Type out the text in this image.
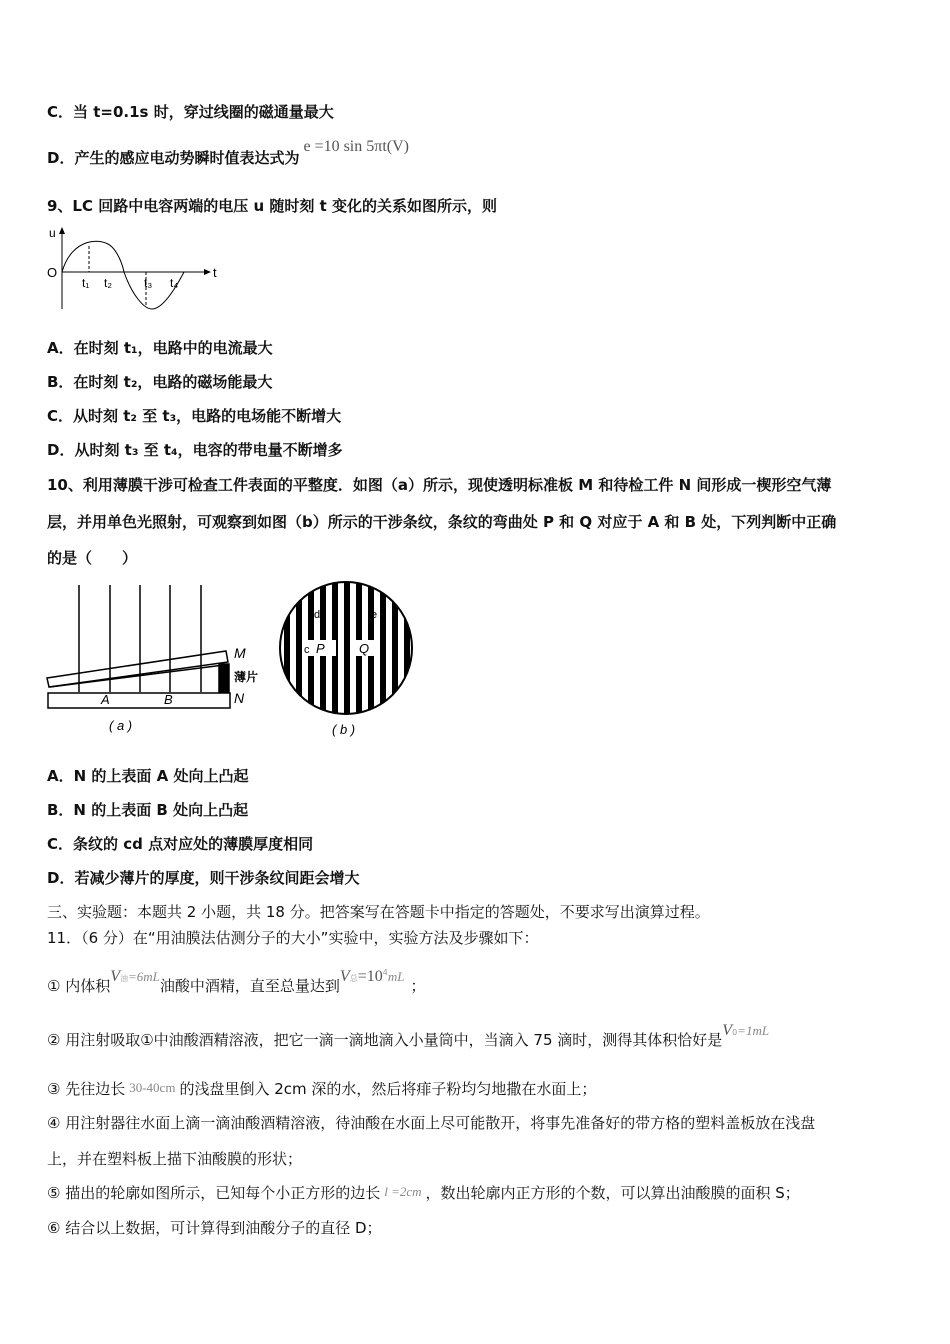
C．当 t=0.1s 时，穿过线圈的磁通量最大
D．产生的感应电动势瞬时值表达式为e =10 sin 5πt(V)
9、LC 回路中电容两端的电压 u 随时刻 t 变化的关系如图所示，则
u
O	t
t₁ t₂	t₃ t₄
A．在时刻 t₁，电路中的电流最大
B．在时刻 t₂，电路的磁场能最大
C．从时刻 t₂ 至 t₃，电路的电场能不断增大
D．从时刻 t₃ 至 t₄，电容的带电量不断增多
10、利用薄膜干涉可检查工件表面的平整度．如图（a）所示，现使透明标准板 M 和待检工件 N 间形成一楔形空气薄
层，并用单色光照射，可观察到如图（b）所示的干涉条纹，条纹的弯曲处 P 和 Q 对应于 A 和 B 处，下列判断中正确
的是（　　）
M
薄片
N
A	B
( a )
d	e
c P	Q
( b )
A．N 的上表面 A 处向上凸起
B．N 的上表面 B 处向上凸起
C．条纹的 cd 点对应处的薄膜厚度相同
D．若减少薄片的厚度，则干涉条纹间距会增大
三、实验题：本题共 2 小题，共 18 分。把答案写在答题卡中指定的答题处，不要求写出演算过程。
11．（6 分）在“用油膜法估测分子的大小”实验中，实验方法及步骤如下：
① 内体积V油=6mL油酸中酒精，直至总量达到V总$=10^4mL$；
② 用注射吸取①中油酸酒精溶液，把它一滴一滴地滴入小量筒中，当滴入 75 滴时，测得其体积恰好是V0=1mL
③ 先往边长 30-40cm 的浅盘里倒入 2cm 深的水，然后将痱子粉均匀地撒在水面上；
④ 用注射器往水面上滴一滴油酸酒精溶液，待油酸在水面上尽可能散开，将事先准备好的带方格的塑料盖板放在浅盘
上，并在塑料板上描下油酸膜的形状；
⑤ 描出的轮廓如图所示，已知每个小正方形的边长 l =2cm ，数出轮廓内正方形的个数，可以算出油酸膜的面积 S；
⑥ 结合以上数据，可计算得到油酸分子的直径 D；
